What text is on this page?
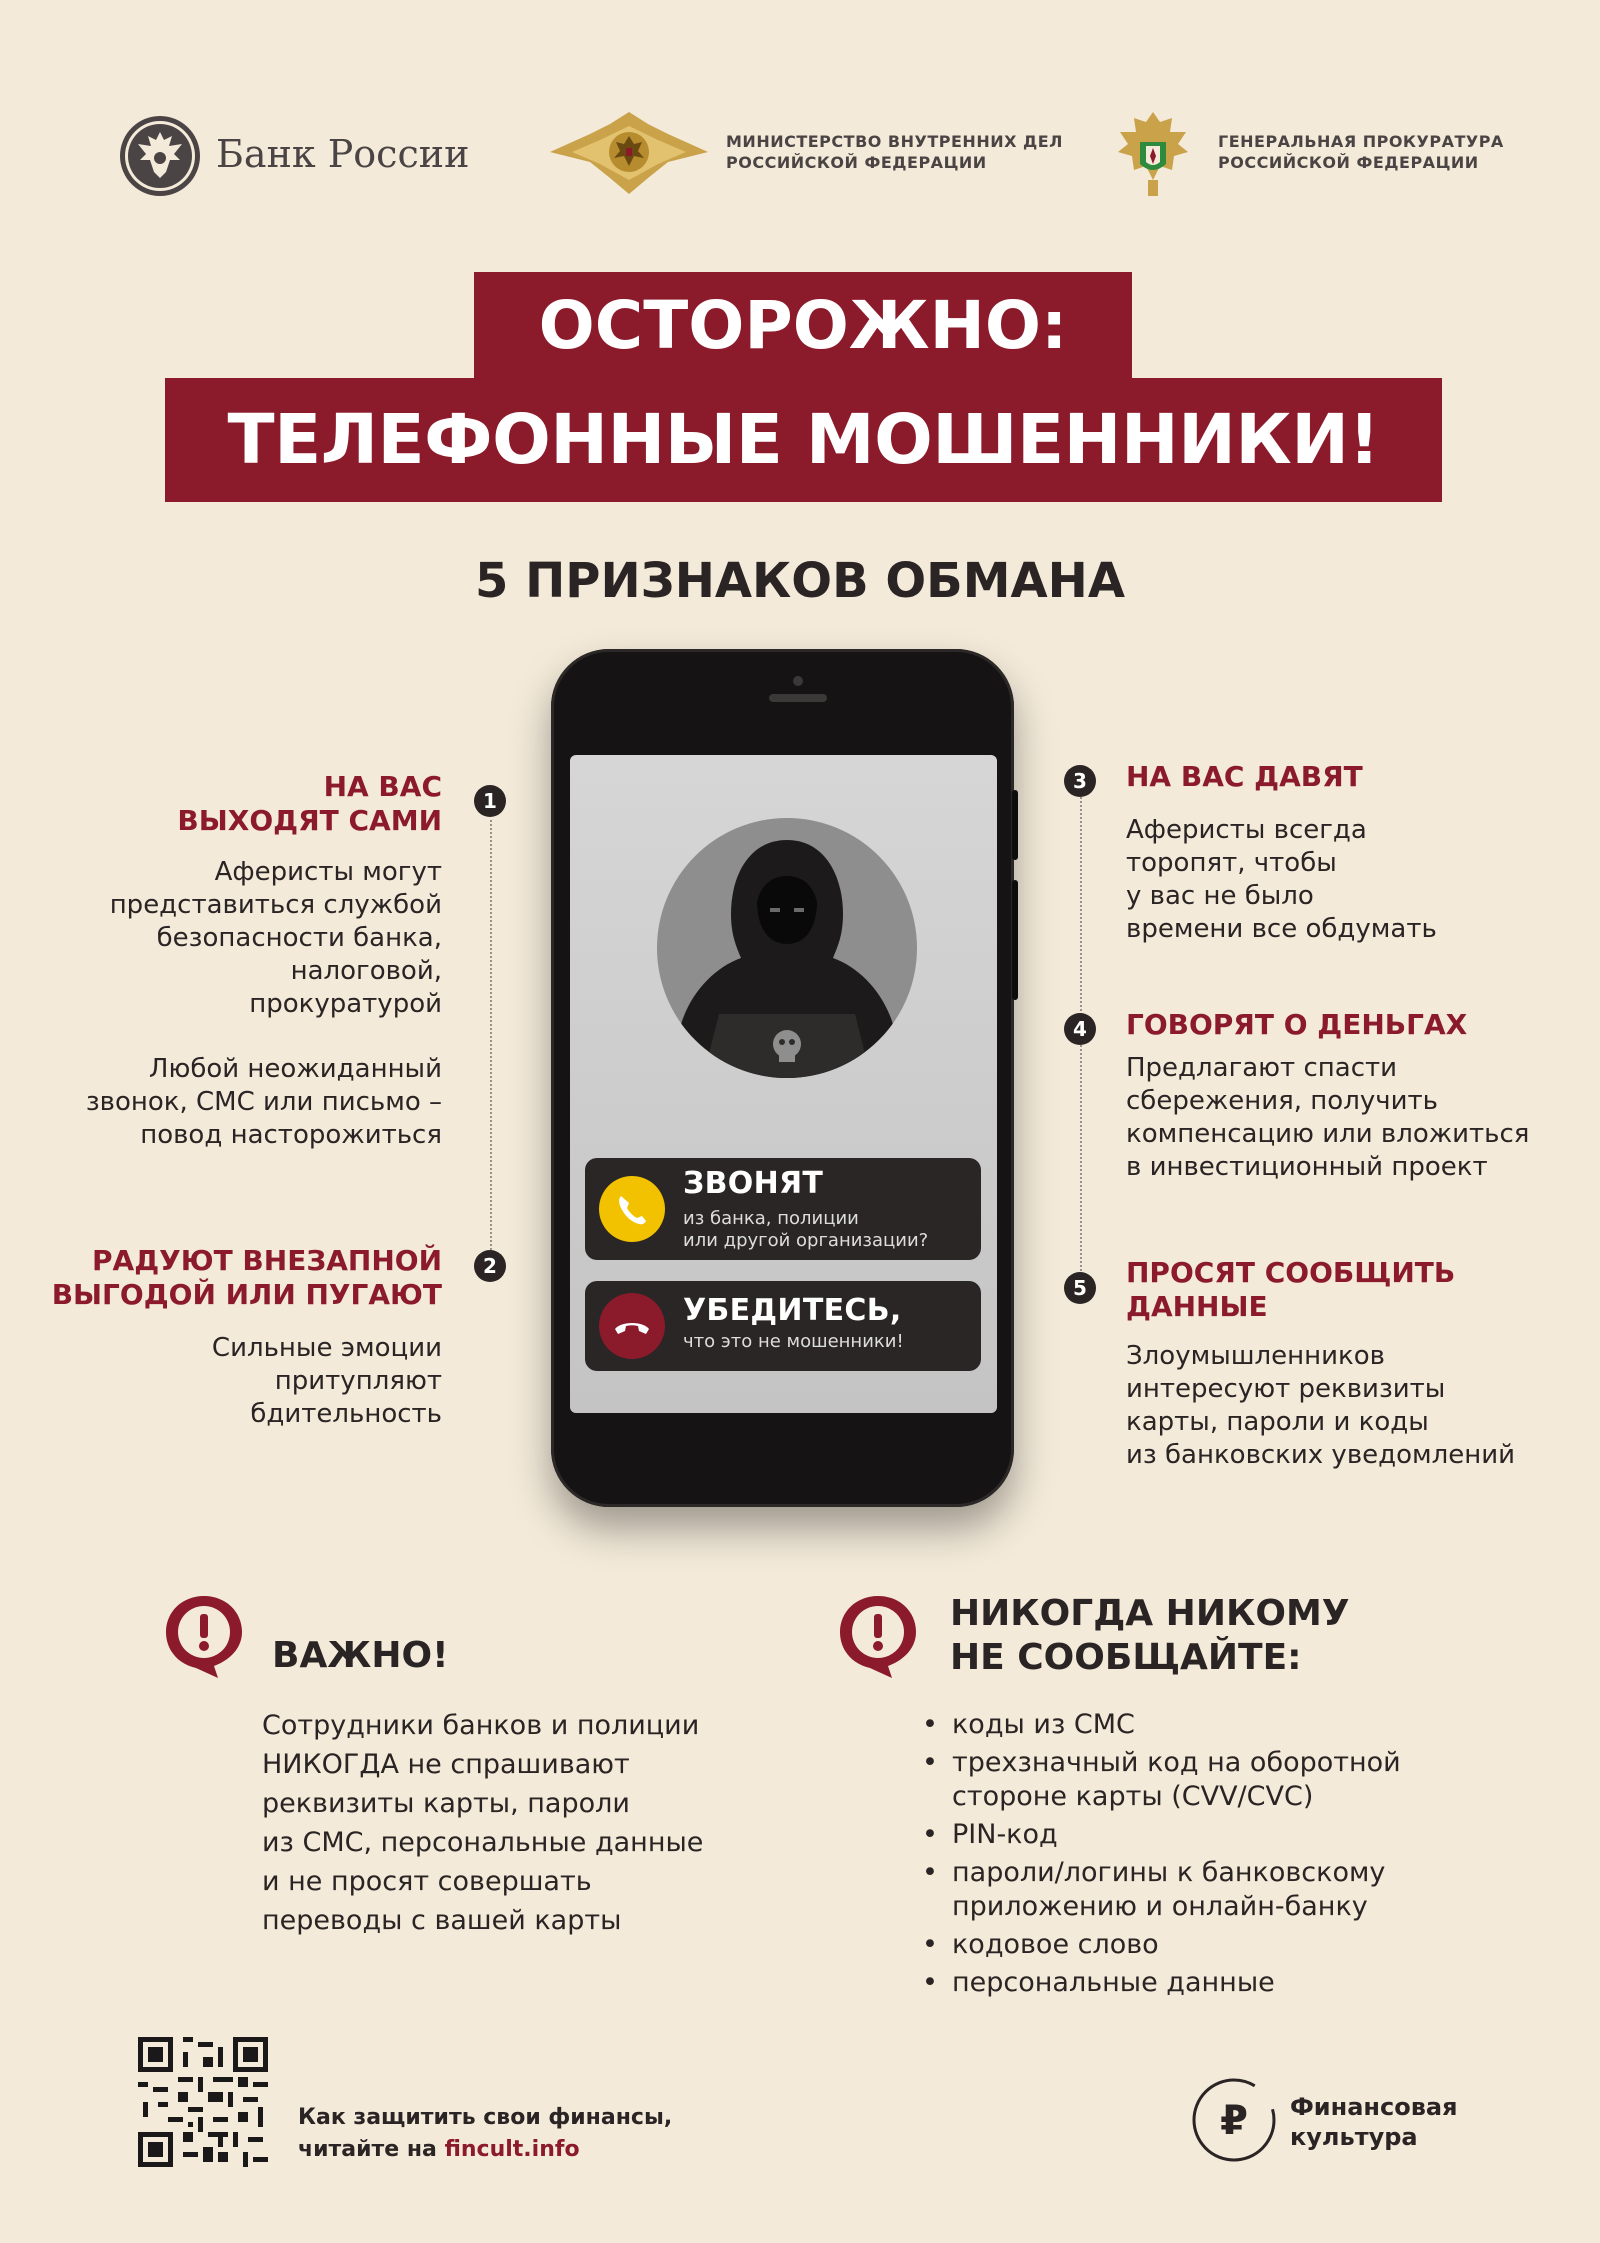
Банк России	МИНИСТЕРСТВО ВНУТРЕННИХ ДЕЛ
РОССИЙСКОЙ ФЕДЕРАЦИИ
ГЕНЕРАЛЬНАЯ ПРОКУРАТУРА
РОССИЙСКОЙ ФЕДЕРАЦИИ
ОСТОРОЖНО:
ТЕЛЕФОННЫЕ МОШЕННИКИ!
5 ПРИЗНАКОВ ОБМАНА
ЗВОНЯТ
из банка, полиции
или другой организации?
УБЕДИТЕСЬ,
что это не мошенники!
1
НА ВАС
ВЫХОДЯТ САМИ
Аферисты могут
представиться службой
безопасности банка,
налоговой,
прокуратурой
Любой неожиданный
звонок, СМС или письмо –
повод насторожиться
2
РАДУЮТ ВНЕЗАПНОЙ
ВЫГОДОЙ ИЛИ ПУГАЮТ
Сильные эмоции
притупляют
бдительность
3	НА ВАС ДАВЯТ
Аферисты всегда
торопят, чтобы
у вас не было
времени все обдумать
4	ГОВОРЯТ О ДЕНЬГАХ
Предлагают спасти
сбережения, получить
компенсацию или вложиться
в инвестиционный проект
5	ПРОСЯТ СООБЩИТЬ
ДАННЫЕ
Злоумышленников
интересуют реквизиты
карты, пароли и коды
из банковских уведомлений
ВАЖНО!
Сотрудники банков и полиции
НИКОГДА не спрашивают
реквизиты карты, пароли
из СМС, персональные данные
и не просят совершать
переводы с вашей карты
НИКОГДА НИКОМУ
НЕ СООБЩАЙТЕ:
• коды из СМС
• трехзначный код на оборотной
стороне карты (CVV/CVC)
• PIN-код
• пароли/логины к банковскому
приложению и онлайн-банку
• кодовое слово
• персональные данные
Как защитить свои финансы,
читайте на fincult.info
₽ Финансовая
культура
